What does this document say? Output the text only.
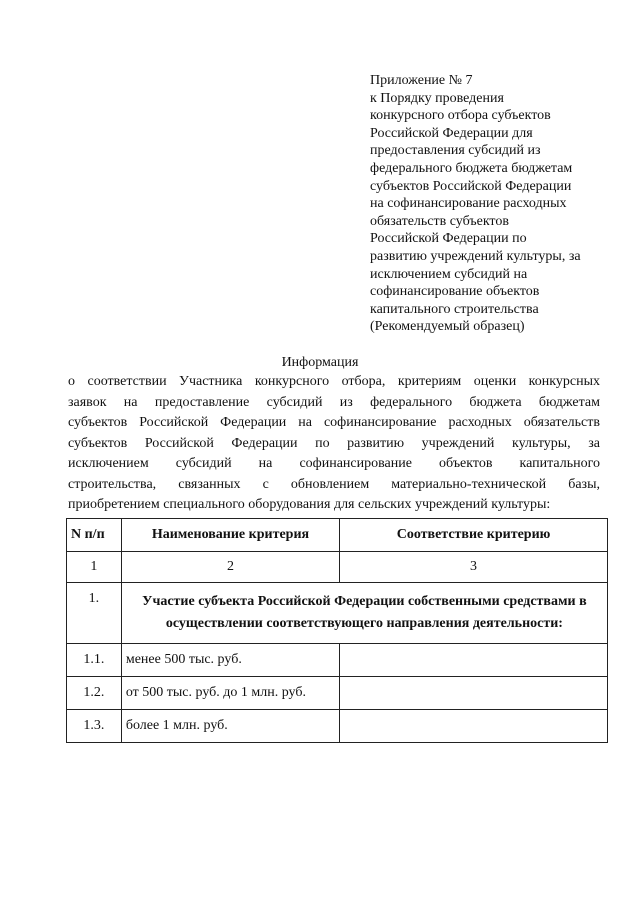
Приложение № 7
к Порядку проведения
конкурсного отбора субъектов
Российской Федерации для
предоставления субсидий из
федерального бюджета бюджетам
субъектов Российской Федерации
на софинансирование расходных
обязательств субъектов
Российской Федерации по
развитию учреждений культуры, за
исключением субсидий на
софинансирование объектов
капитального строительства
(Рекомендуемый образец)
Информация
о соответствии Участника конкурсного отбора, критериям оценки конкурсных
заявок на предоставление субсидий из федерального бюджета бюджетам
субъектов Российской Федерации на софинансирование расходных обязательств
субъектов Российской Федерации по развитию учреждений культуры, за
исключением субсидий на софинансирование объектов капитального
строительства, связанных с обновлением материально-технической базы,
приобретением специального оборудования для сельских учреждений культуры:
N п/п	Наименование критерия	Соответствие критерию
1	2	3
1.	Участие субъекта Российской Федерации собственными средствами в осуществлении соответствующего направления деятельности:	
1.1.	менее 500 тыс. руб.	
1.2.	от 500 тыс. руб. до 1 млн. руб.	
1.3.	более 1 млн. руб.	
